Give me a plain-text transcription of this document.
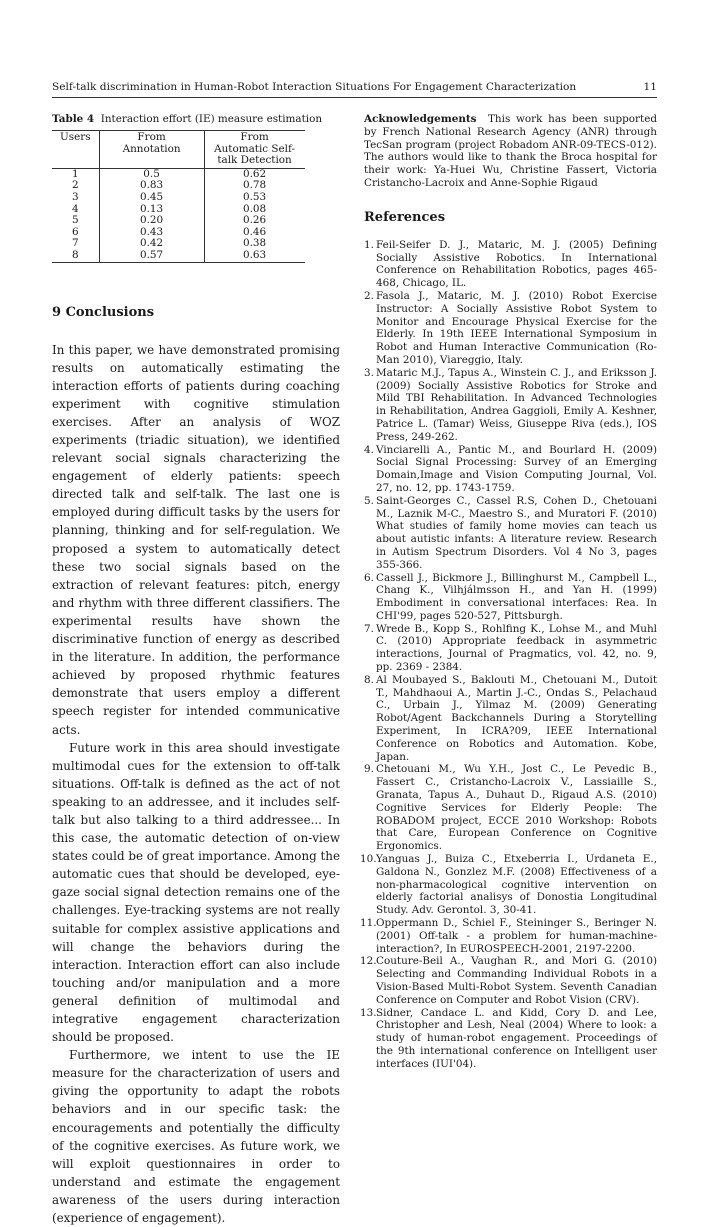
Self-talk discrimination in Human-Robot Interaction Situations For Engagement Characterization	11
Table 4 Interaction effort (IE) measure estimation
Users	From Annotation	From Automatic Self-talk Detection
1	0.5	0.62
2	0.83	0.78
3	0.45	0.53
4	0.13	0.08
5	0.20	0.26
6	0.43	0.46
7	0.42	0.38
8	0.57	0.63
9 Conclusions

In this paper, we have demonstrated promising results on automatically estimating the interaction efforts of patients during coaching experiment with cognitive stimulation exercises. After an analysis of WOZ experiments (triadic situation), we identified relevant social signals characterizing the engagement of elderly patients: speech directed talk and self-talk. The last one is employed during difficult tasks by the users for planning, thinking and for self-regulation. We proposed a system to automatically detect these two social signals based on the extraction of relevant features: pitch, energy and rhythm with three different classifiers. The experimental results have shown the discriminative function of energy as described in the literature. In addition, the performance achieved by proposed rhythmic features demonstrate that users employ a different speech register for intended communicative acts.

Future work in this area should investigate multimodal cues for the extension to off-talk situations. Off-talk is defined as the act of not speaking to an addressee, and it includes self-talk but also talking to a third addressee... In this case, the automatic detection of on-view states could be of great importance. Among the automatic cues that should be developed, eye-gaze social signal detection remains one of the challenges. Eye-tracking systems are not really suitable for complex assistive applications and will change the behaviors during the interaction. Interaction effort can also include touching and/or manipulation and a more general definition of multimodal and integrative engagement characterization should be proposed.

Furthermore, we intent to use the IE measure for the characterization of users and giving the opportunity to adapt the robots behaviors and in our specific task: the encouragements and potentially the difficulty of the cognitive exercises. As future work, we will exploit questionnaires in order to understand and estimate the engagement awareness of the users during interaction (experience of engagement).

Acknowledgements This work has been supported by French National Research Agency (ANR) through TecSan program (project Robadom ANR-09-TECS-012). The authors would like to thank the Broca hospital for their work: Ya-Huei Wu, Christine Fassert, Victoria Cristancho-Lacroix and Anne-Sophie Rigaud

References
1. Feil-Seifer D. J., Mataric, M. J. (2005) Defining Socially Assistive Robotics. In International Conference on Rehabilitation Robotics, pages 465-468, Chicago, IL.
2. Fasola J., Mataric, M. J. (2010) Robot Exercise Instructor: A Socially Assistive Robot System to Monitor and Encourage Physical Exercise for the Elderly. In 19th IEEE International Symposium in Robot and Human Interactive Communication (Ro-Man 2010), Viareggio, Italy.
3. Mataric M.J., Tapus A., Winstein C. J., and Eriksson J. (2009) Socially Assistive Robotics for Stroke and Mild TBI Rehabilitation. In Advanced Technologies in Rehabilitation, Andrea Gaggioli, Emily A. Keshner, Patrice L. (Tamar) Weiss, Giuseppe Riva (eds.), IOS Press, 249-262.
4. Vinciarelli A., Pantic M., and Bourlard H. (2009) Social Signal Processing: Survey of an Emerging Domain,Image and Vision Computing Journal, Vol. 27, no. 12, pp. 1743-1759.
5. Saint-Georges C., Cassel R.S, Cohen D., Chetouani M., Laznik M-C., Maestro S., and Muratori F. (2010) What studies of family home movies can teach us about autistic infants: A literature review. Research in Autism Spectrum Disorders. Vol 4 No 3, pages 355-366.
6. Cassell J., Bickmore J., Billinghurst M., Campbell L., Chang K., Vilhjálmsson H., and Yan H. (1999) Embodiment in conversational interfaces: Rea. In CHI'99, pages 520-527, Pittsburgh.
7. Wrede B., Kopp S., Rohlfing K., Lohse M., and Muhl C. (2010) Appropriate feedback in asymmetric interactions, Journal of Pragmatics, vol. 42, no. 9, pp. 2369 - 2384.
8. Al Moubayed S., Baklouti M., Chetouani M., Dutoit T., Mahdhaoui A., Martin J.-C., Ondas S., Pelachaud C., Urbain J., Yilmaz M. (2009) Generating Robot/Agent Backchannels During a Storytelling Experiment, In ICRA?09, IEEE International Conference on Robotics and Automation. Kobe, Japan.
9. Chetouani M., Wu Y.H., Jost C., Le Pevedic B., Fassert C., Cristancho-Lacroix V., Lassiaille S., Granata, Tapus A., Duhaut D., Rigaud A.S. (2010) Cognitive Services for Elderly People: The ROBADOM project, ECCE 2010 Workshop: Robots that Care, European Conference on Cognitive Ergonomics.
10. Yanguas J., Buiza C., Etxeberria I., Urdaneta E., Galdona N., Gonzlez M.F. (2008) Effectiveness of a non-pharmacological cognitive intervention on elderly factorial analisys of Donostia Longitudinal Study. Adv. Gerontol. 3, 30-41.
11. Oppermann D., Schiel F., Steininger S., Beringer N. (2001) Off-talk - a problem for human-machine-interaction?, In EUROSPEECH-2001, 2197-2200.
12. Couture-Beil A., Vaughan R., and Mori G. (2010) Selecting and Commanding Individual Robots in a Vision-Based Multi-Robot System. Seventh Canadian Conference on Computer and Robot Vision (CRV).
13. Sidner, Candace L. and Kidd, Cory D. and Lee, Christopher and Lesh, Neal (2004) Where to look: a study of human-robot engagement. Proceedings of the 9th international conference on Intelligent user interfaces (IUI'04).
